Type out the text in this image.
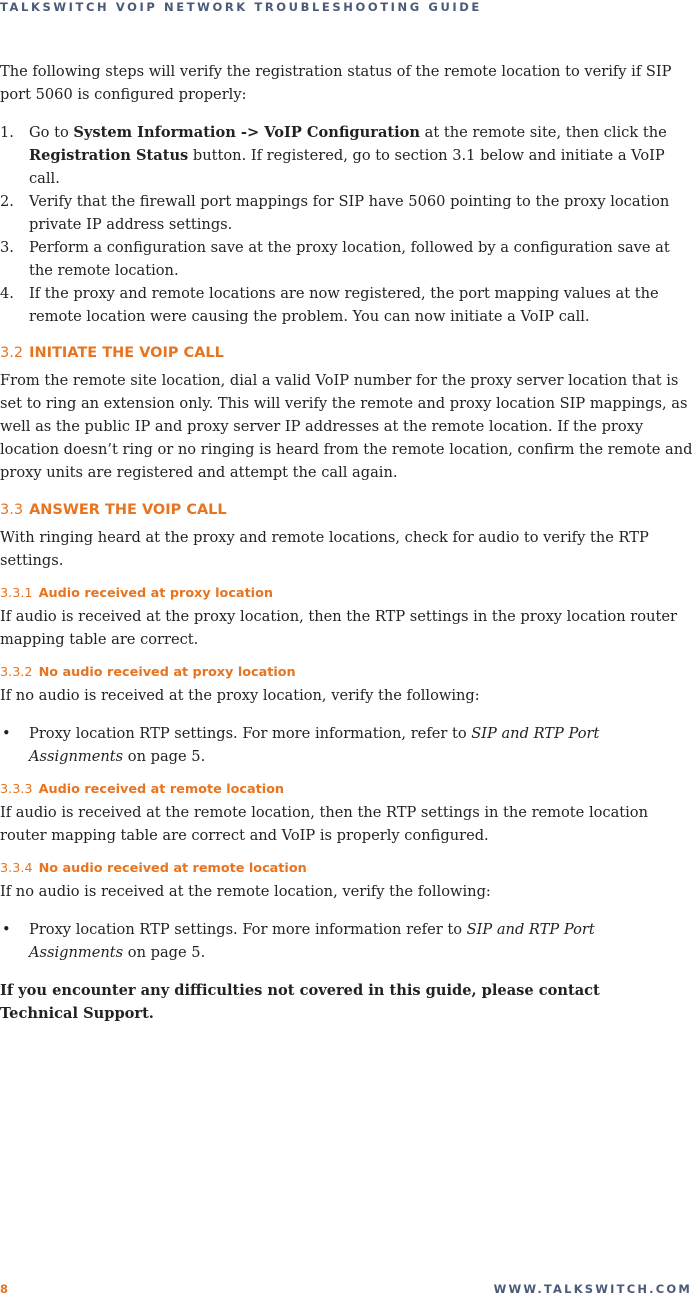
TALKSWITCH VOIP NETWORK TROUBLESHOOTING GUIDE

The following steps will verify the registration status of the remote location to verify if SIP port 5060 is configured properly:

1. Go to System Information -> VoIP Configuration at the remote site, then click the Registration Status button. If registered, go to section 3.1 below and initiate a VoIP call.
2. Verify that the firewall port mappings for SIP have 5060 pointing to the proxy location private IP address settings.
3. Perform a configuration save at the proxy location, followed by a configuration save at the remote location.
4. If the proxy and remote locations are now registered, the port mapping values at the remote location were causing the problem. You can now initiate a VoIP call.
3.2 INITIATE THE VOIP CALL

From the remote site location, dial a valid VoIP number for the proxy server location that is set to ring an extension only. This will verify the remote and proxy location SIP mappings, as well as the public IP and proxy server IP addresses at the remote location. If the proxy location doesn’t ring or no ringing is heard from the remote location, confirm the remote and proxy units are registered and attempt the call again.

3.3 ANSWER THE VOIP CALL

With ringing heard at the proxy and remote locations, check for audio to verify the RTP settings.

3.3.1 Audio received at proxy location

If audio is received at the proxy location, then the RTP settings in the proxy location router mapping table are correct.

3.3.2 No audio received at proxy location

If no audio is received at the proxy location, verify the following:

• Proxy location RTP settings. For more information, refer to SIP and RTP Port Assignments on page 5.
3.3.3 Audio received at remote location

If audio is received at the remote location, then the RTP settings in the remote location router mapping table are correct and VoIP is properly configured.

3.3.4 No audio received at remote location

If no audio is received at the remote location, verify the following:

• Proxy location RTP settings. For more information refer to SIP and RTP Port Assignments on page 5.

If you encounter any difficulties not covered in this guide, please contact Technical Support.

8	WWW.TALKSWITCH.COM
